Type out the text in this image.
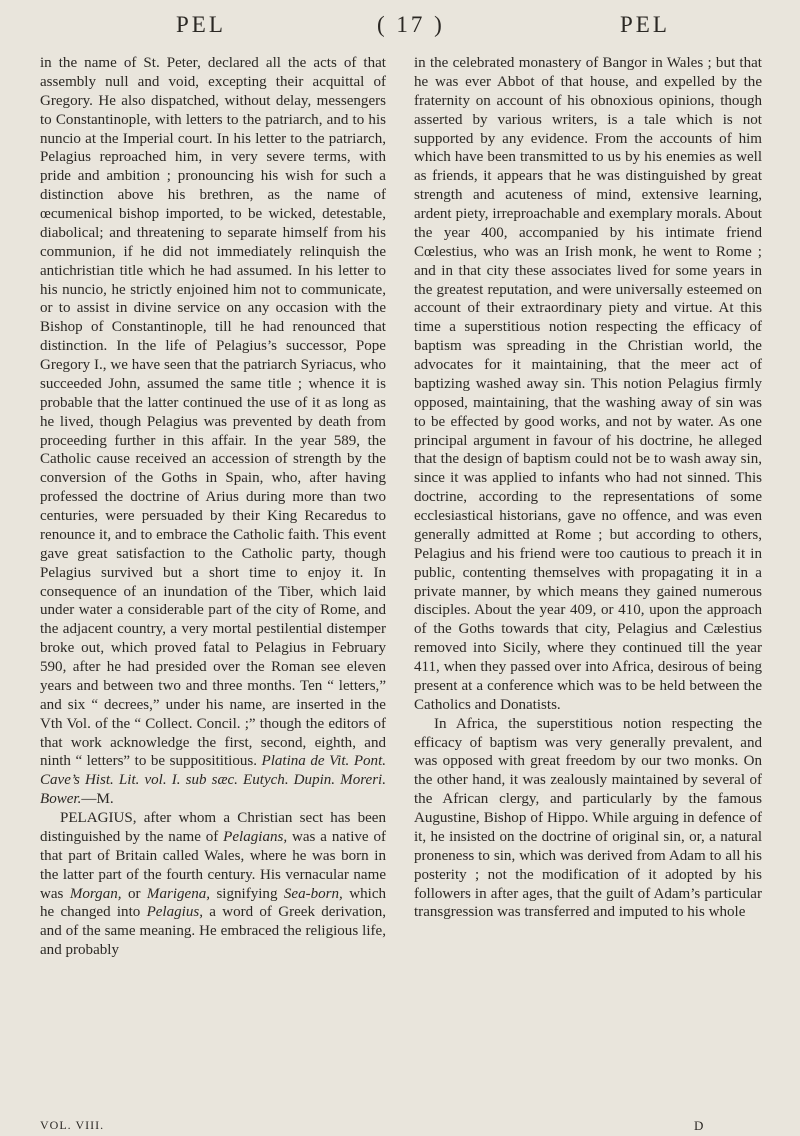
PEL	( 17 )	PEL

in the name of St. Peter, declared all the acts of that assembly null and void, excepting their acquittal of Gregory. He also dispatched, without delay, messengers to Constantinople, with letters to the patriarch, and to his nuncio at the Imperial court. In his letter to the patriarch, Pelagius reproached him, in very severe terms, with pride and ambition ; pronouncing his wish for such a distinction above his brethren, as the name of œcumenical bishop imported, to be wicked, detestable, diabolical; and threatening to separate himself from his communion, if he did not immediately relinquish the antichristian title which he had assumed. In his letter to his nuncio, he strictly enjoined him not to communicate, or to assist in divine service on any occasion with the Bishop of Constantinople, till he had renounced that distinction. In the life of Pelagius’s successor, Pope Gregory I., we have seen that the patriarch Syriacus, who succeeded John, assumed the same title ; whence it is probable that the latter continued the use of it as long as he lived, though Pelagius was prevented by death from proceeding further in this affair. In the year 589, the Catholic cause received an accession of strength by the conversion of the Goths in Spain, who, after having professed the doctrine of Arius during more than two centuries, were persuaded by their King Recaredus to renounce it, and to embrace the Catholic faith. This event gave great satisfaction to the Catholic party, though Pelagius survived but a short time to enjoy it. In consequence of an inundation of the Tiber, which laid under water a considerable part of the city of Rome, and the adjacent country, a very mortal pestilential distemper broke out, which proved fatal to Pelagius in February 590, after he had presided over the Roman see eleven years and between two and three months. Ten “ letters,” and six “ decrees,” under his name, are inserted in the Vth Vol. of the “ Collect. Concil. ;” though the editors of that work acknowledge the first, second, eighth, and ninth “ letters” to be supposititious. Platina de Vit. Pont. Cave’s Hist. Lit. vol. I. sub sæc. Eutych. Dupin. Moreri. Bower.—M.

PELAGIUS, after whom a Christian sect has been distinguished by the name of Pelagians, was a native of that part of Britain called Wales, where he was born in the latter part of the fourth century. His vernacular name was Morgan, or Marigena, signifying Sea-born, which he changed into Pelagius, a word of Greek derivation, and of the same meaning. He embraced the religious life, and probably

in the celebrated monastery of Bangor in Wales ; but that he was ever Abbot of that house, and expelled by the fraternity on account of his obnoxious opinions, though asserted by various writers, is a tale which is not supported by any evidence. From the accounts of him which have been transmitted to us by his enemies as well as friends, it appears that he was distinguished by great strength and acuteness of mind, extensive learning, ardent piety, irreproachable and exemplary morals. About the year 400, accompanied by his intimate friend Cœlestius, who was an Irish monk, he went to Rome ; and in that city these associates lived for some years in the greatest reputation, and were universally esteemed on account of their extraordinary piety and virtue. At this time a superstitious notion respecting the efficacy of baptism was spreading in the Christian world, the advocates for it maintaining, that the meer act of baptizing washed away sin. This notion Pelagius firmly opposed, maintaining, that the washing away of sin was to be effected by good works, and not by water. As one principal argument in favour of his doctrine, he alleged that the design of baptism could not be to wash away sin, since it was applied to infants who had not sinned. This doctrine, according to the representations of some ecclesiastical historians, gave no offence, and was even generally admitted at Rome ; but according to others, Pelagius and his friend were too cautious to preach it in public, contenting themselves with propagating it in a private manner, by which means they gained numerous disciples. About the year 409, or 410, upon the approach of the Goths towards that city, Pelagius and Cælestius removed into Sicily, where they continued till the year 411, when they passed over into Africa, desirous of being present at a conference which was to be held between the Catholics and Donatists.

In Africa, the superstitious notion respecting the efficacy of baptism was very generally prevalent, and was opposed with great freedom by our two monks. On the other hand, it was zealously maintained by several of the African clergy, and particularly by the famous Augustine, Bishop of Hippo. While arguing in defence of it, he insisted on the doctrine of original sin, or, a natural proneness to sin, which was derived from Adam to all his posterity ; not the modification of it adopted by his followers in after ages, that the guilt of Adam’s particular transgression was transferred and imputed to his whole

VOL. VIII.	D
